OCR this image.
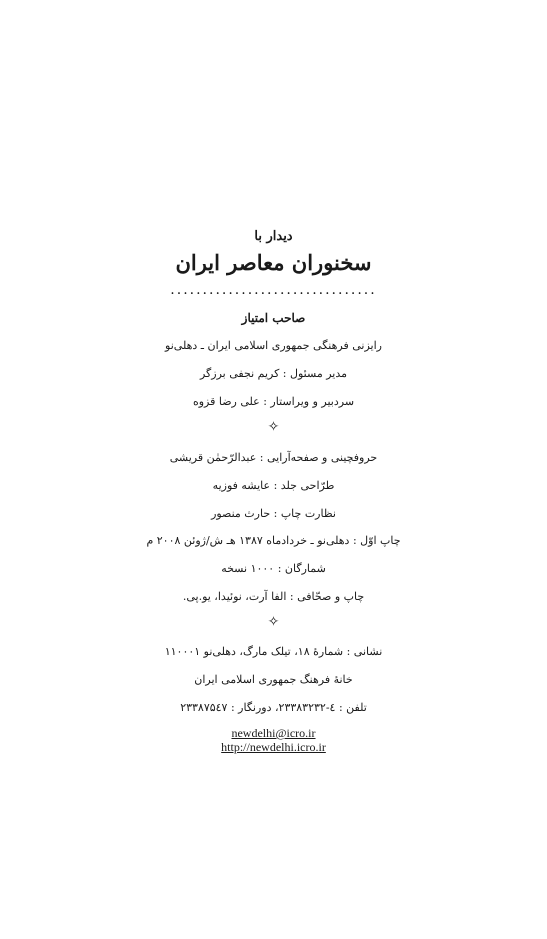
دیدار با
سخنوران معاصر ایران
................................
صاحب امتیاز
رایزنی فرهنگی جمهوری اسلامی ایران ـ دهلی‌نو
مدیر مسئول : کریم نجفی برزگر
سردبیر و ویراستار : علی رضا قزوه
✧
حروفچینی و صفحه‌آرایی : عبدالرّحمٰن قریشی
طرّاحی جلد : عایشه فوزیه
نظارت چاپ : حارث منصور
چاپ اوّل : دهلی‌نو ـ خردادماه ۱۳۸۷ هـ ش/ژوئن ۲۰۰۸ م
شمارگان : ۱۰۰۰ نسخه
چاپ و صحّافی : الفا آرت، نوئیدا، یو.پی.
✧
نشانی : شمارهٔ ۱۸، تیلک مارگ، دهلی‌نو ۱۱۰۰۰۱
خانهٔ فرهنگ جمهوری اسلامی ایران
تلفن : ٤-۲۳۳۸۳۲۳۲، دورنگار : ۲۳۳۸۷۵٤۷
newdelhi@icro.ir
http://newdelhi.icro.ir
